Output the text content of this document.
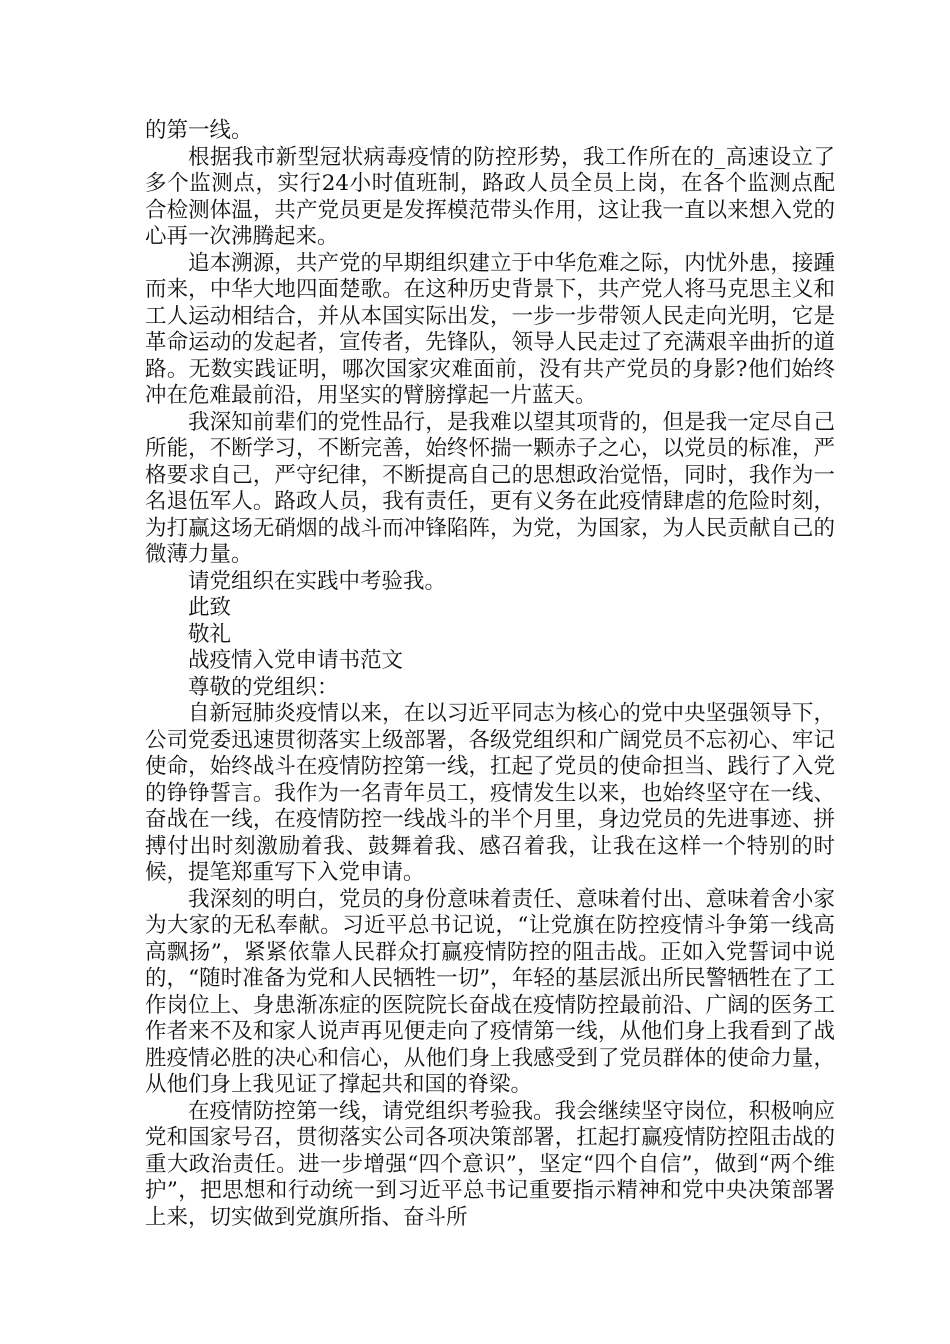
的第一线。

根据我市新型冠状病毒疫情的防控形势，我工作所在的_高速设立了多个监测点，实行24小时值班制，路政人员全员上岗，在各个监测点配合检测体温，共产党员更是发挥模范带头作用，这让我一直以来想入党的心再一次沸腾起来。

追本溯源，共产党的早期组织建立于中华危难之际，内忧外患，接踵而来，中华大地四面楚歌。在这种历史背景下，共产党人将马克思主义和工人运动相结合，并从本国实际出发，一步一步带领人民走向光明，它是革命运动的发起者，宣传者，先锋队，领导人民走过了充满艰辛曲折的道路。无数实践证明，哪次国家灾难面前，没有共产党员的身影?他们始终冲在危难最前沿，用坚实的臂膀撑起一片蓝天。

我深知前辈们的党性品行，是我难以望其项背的，但是我一定尽自己所能，不断学习，不断完善，始终怀揣一颗赤子之心，以党员的标准，严格要求自己，严守纪律，不断提高自己的思想政治觉悟，同时，我作为一名退伍军人。路政人员，我有责任，更有义务在此疫情肆虐的危险时刻，为打赢这场无硝烟的战斗而冲锋陷阵，为党，为国家，为人民贡献自己的微薄力量。

请党组织在实践中考验我。

此致

敬礼

战疫情入党申请书范文

尊敬的党组织：

自新冠肺炎疫情以来，在以习近平同志为核心的党中央坚强领导下，公司党委迅速贯彻落实上级部署，各级党组织和广阔党员不忘初心、牢记使命，始终战斗在疫情防控第一线，扛起了党员的使命担当、践行了入党的铮铮誓言。我作为一名青年员工，疫情发生以来，也始终坚守在一线、奋战在一线，在疫情防控一线战斗的半个月里，身边党员的先进事迹、拼搏付出时刻激励着我、鼓舞着我、感召着我，让我在这样一个特别的时候，提笔郑重写下入党申请。

我深刻的明白，党员的身份意味着责任、意味着付出、意味着舍小家为大家的无私奉献。习近平总书记说，“让党旗在防控疫情斗争第一线高高飘扬”，紧紧依靠人民群众打赢疫情防控的阻击战。正如入党誓词中说的，“随时准备为党和人民牺牲一切”，年轻的基层派出所民警牺牲在了工作岗位上、身患渐冻症的医院院长奋战在疫情防控最前沿、广阔的医务工作者来不及和家人说声再见便走向了疫情第一线，从他们身上我看到了战胜疫情必胜的决心和信心，从他们身上我感受到了党员群体的使命力量，从他们身上我见证了撑起共和国的脊梁。

在疫情防控第一线，请党组织考验我。我会继续坚守岗位，积极响应党和国家号召，贯彻落实公司各项决策部署，扛起打赢疫情防控阻击战的重大政治责任。进一步增强“四个意识”，坚定“四个自信”，做到“两个维护”，把思想和行动统一到习近平总书记重要指示精神和党中央决策部署上来，切实做到党旗所指、奋斗所
